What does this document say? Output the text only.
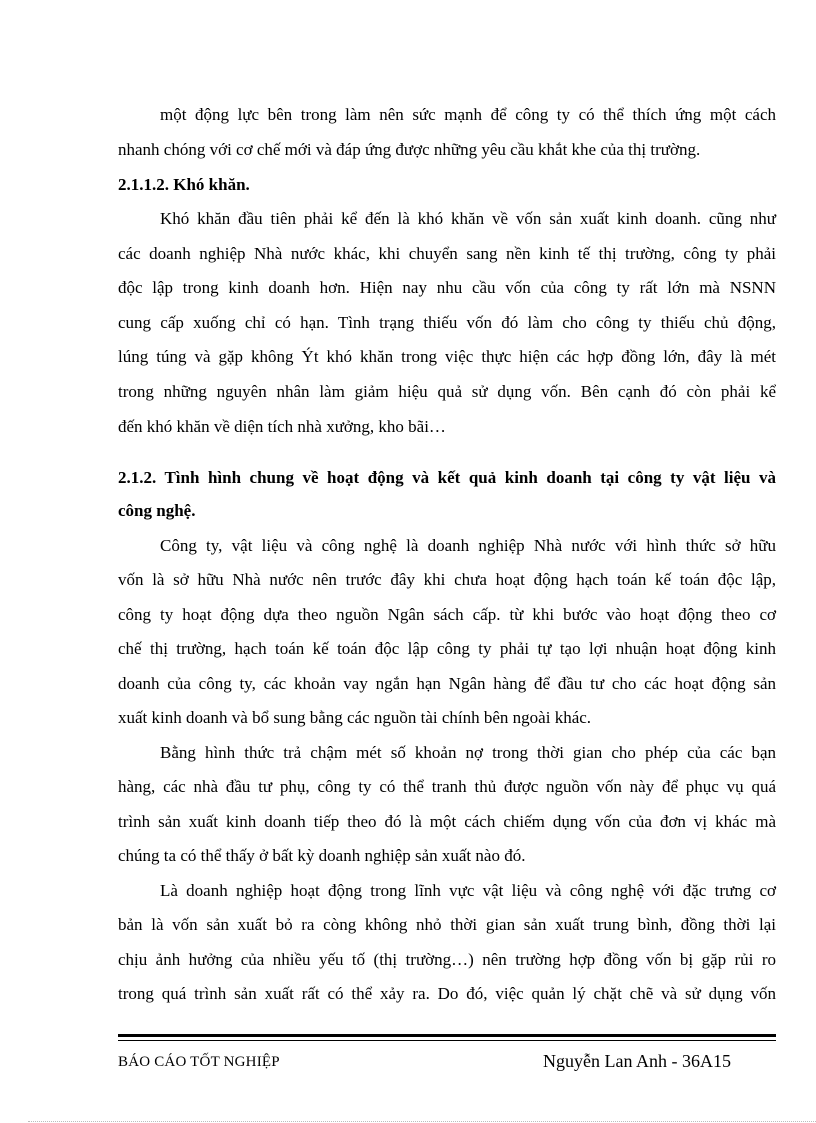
một động lực bên trong làm nên sức mạnh để công ty có thể thích ứng một cách
nhanh chóng với cơ chế mới và đáp ứng được những yêu cầu khắt khe của thị trường.
2.1.1.2. Khó khăn.
Khó khăn đầu tiên phải kể đến là khó khăn về vốn sản xuất kinh doanh. cũng như
các doanh nghiệp Nhà nước khác, khi chuyển sang nền kinh tế thị trường, công ty phải
độc lập trong kinh doanh hơn. Hiện nay nhu cầu vốn của công ty rất lớn mà NSNN
cung cấp xuống chỉ có hạn. Tình trạng thiếu vốn đó làm cho công ty thiếu chủ động,
lúng túng và gặp không Ýt khó khăn trong việc thực hiện các hợp đồng lớn, đây là mét
trong những nguyên nhân làm giảm hiệu quả sử dụng vốn. Bên cạnh đó còn phải kể
đến khó khăn về diện tích nhà xưởng, kho bãi…
2.1.2. Tình hình chung về hoạt động và kết quả kinh doanh tại công ty vật liệu và
công nghệ.
Công ty, vật liệu và công nghệ là doanh nghiệp Nhà nước với hình thức sở hữu
vốn là sở hữu Nhà nước nên trước đây khi chưa hoạt động hạch toán kế toán độc lập,
công ty hoạt động dựa theo nguồn Ngân sách cấp. từ khi bước vào hoạt động theo cơ
chế thị trường, hạch toán kế toán độc lập công ty phải tự tạo lợi nhuận hoạt động kinh
doanh của công ty, các khoản vay ngắn hạn Ngân hàng để đầu tư cho các hoạt động sản
xuất kinh doanh và bổ sung bằng các nguồn tài chính bên ngoài khác.
Bằng hình thức trả chậm mét số khoản nợ trong thời gian cho phép của các bạn
hàng, các nhà đầu tư phụ, công ty có thể tranh thủ được nguồn vốn này để phục vụ quá
trình sản xuất kinh doanh tiếp theo đó là một cách chiếm dụng vốn của đơn vị khác mà
chúng ta có thể thấy ở bất kỳ doanh nghiệp sản xuất nào đó.
Là doanh nghiệp hoạt động trong lĩnh vực vật liệu và công nghệ với đặc trưng cơ
bản là vốn sản xuất bỏ ra còng không nhỏ thời gian sản xuất trung bình, đồng thời lại
chịu ảnh hưởng của nhiều yếu tố (thị trường…) nên trường hợp đồng vốn bị gặp rủi ro
trong quá trình sản xuất rất có thể xảy ra. Do đó, việc quản lý chặt chẽ và sử dụng vốn
BÁO CÁO TỐT NGHIỆP	Nguyễn Lan Anh - 36A15
